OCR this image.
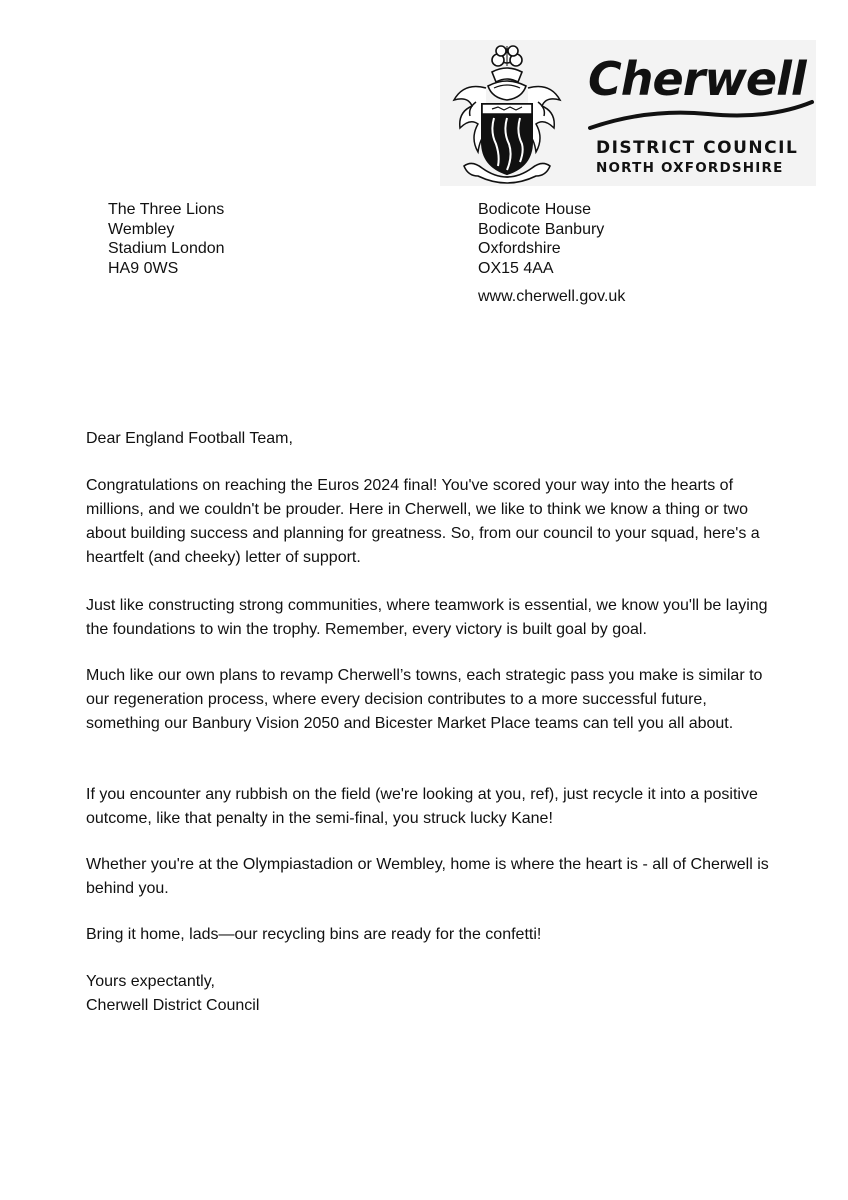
Cherwell
DISTRICT COUNCIL
NORTH OXFORDSHIRE
The Three Lions
Wembley
Stadium London
HA9 0WS
Bodicote House
Bodicote Banbury
Oxfordshire
OX15 4AA
www.cherwell.gov.uk
Dear England Football Team,
Congratulations on reaching the Euros 2024 final! You've scored your way into the hearts of millions, and we couldn't be prouder. Here in Cherwell, we like to think we know a thing or two about building success and planning for greatness. So, from our council to your squad, here's a heartfelt (and cheeky) letter of support.
Just like constructing strong communities, where teamwork is essential, we know you'll be laying the foundations to win the trophy. Remember, every victory is built goal by goal.
Much like our own plans to revamp Cherwell’s towns, each strategic pass you make is similar to our regeneration process, where every decision contributes to a more successful future, something our Banbury Vision 2050 and Bicester Market Place teams can tell you all about.
If you encounter any rubbish on the field (we're looking at you, ref), just recycle it into a positive outcome, like that penalty in the semi-final, you struck lucky Kane!
Whether you're at the Olympiastadion or Wembley, home is where the heart is - all of Cherwell is behind you.
Bring it home, lads—our recycling bins are ready for the confetti!
Yours expectantly,
Cherwell District Council
